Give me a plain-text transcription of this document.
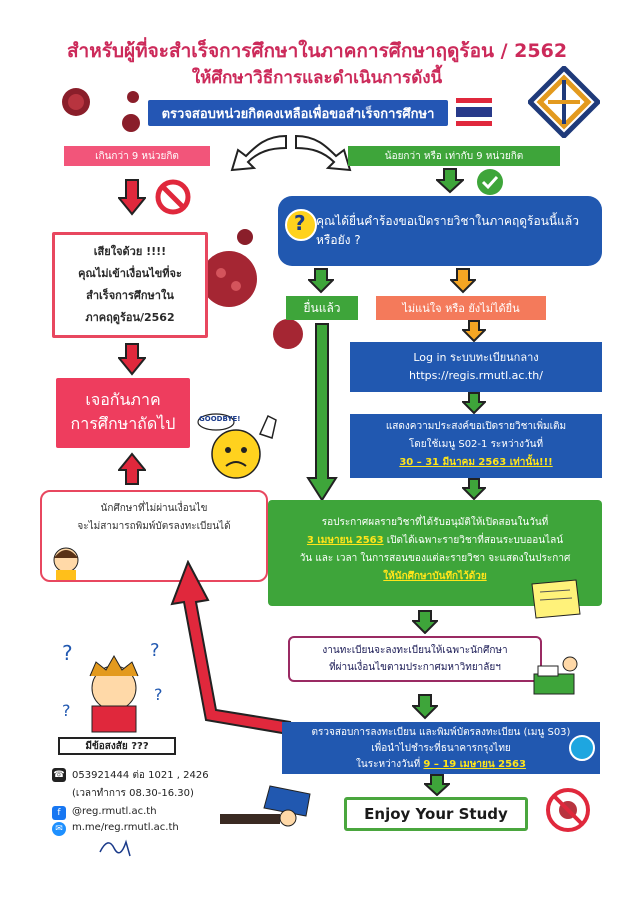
สำหรับผู้ที่จะสำเร็จการศึกษาในภาคการศึกษาฤดูร้อน / 2562
ให้ศึกษาวิธีการและดำเนินการดังนี้
ตรวจสอบหน่วยกิตคงเหลือเพื่อขอสำเร็จการศึกษา
เกินกว่า 9 หน่วยกิต	น้อยกว่า หรือ เท่ากับ 9 หน่วยกิต
เสียใจด้วย !!!!
คุณไม่เข้าเงื่อนไขที่จะ
สำเร็จการศึกษาใน
ภาคฤดูร้อน/2562
เจอกันภาค
การศึกษาถัดไป	GOODBYE!
นักศึกษาที่ไม่ผ่านเงื่อนไข
จะไม่สามารถพิมพ์บัตรลงทะเบียนได้
? คุณได้ยื่นคำร้องขอเปิดรายวิชาในภาคฤดูร้อนนี้แล้วหรือยัง ?
ยื่นแล้ว	ไม่แน่ใจ หรือ ยังไม่ได้ยื่น
Log in ระบบทะเบียนกลาง
https://regis.rmutl.ac.th/
แสดงความประสงค์ขอเปิดรายวิชาเพิ่มเติม
โดยใช้เมนู S02-1 ระหว่างวันที่
30 – 31 มีนาคม 2563 เท่านั้น!!!
รอประกาศผลรายวิชาที่ได้รับอนุมัติให้เปิดสอนในวันที่
3 เมษายน 2563 เปิดได้เฉพาะรายวิชาที่สอนระบบออนไลน์
วัน และ เวลา ในการสอนของแต่ละรายวิชา จะแสดงในประกาศ
ให้นักศึกษาบันทึกไว้ด้วย
งานทะเบียนจะลงทะเบียนให้เฉพาะนักศึกษา
ที่ผ่านเงื่อนไขตามประกาศมหาวิทยาลัยฯ
ตรวจสอบการลงทะเบียน และพิมพ์บัตรลงทะเบียน (เมนู S03)
เพื่อนำไปชำระที่ธนาคารกรุงไทย
ในระหว่างวันที่ 9 – 19 เมษายน 2563
Enjoy Your Study
?	?
?
?
มีข้อสงสัย ???
☎ 053921444 ต่อ 1021 , 2426
(เวลาทำการ 08.30-16.30)
f	@reg.rmutl.ac.th
✉ m.me/reg.rmutl.ac.th
